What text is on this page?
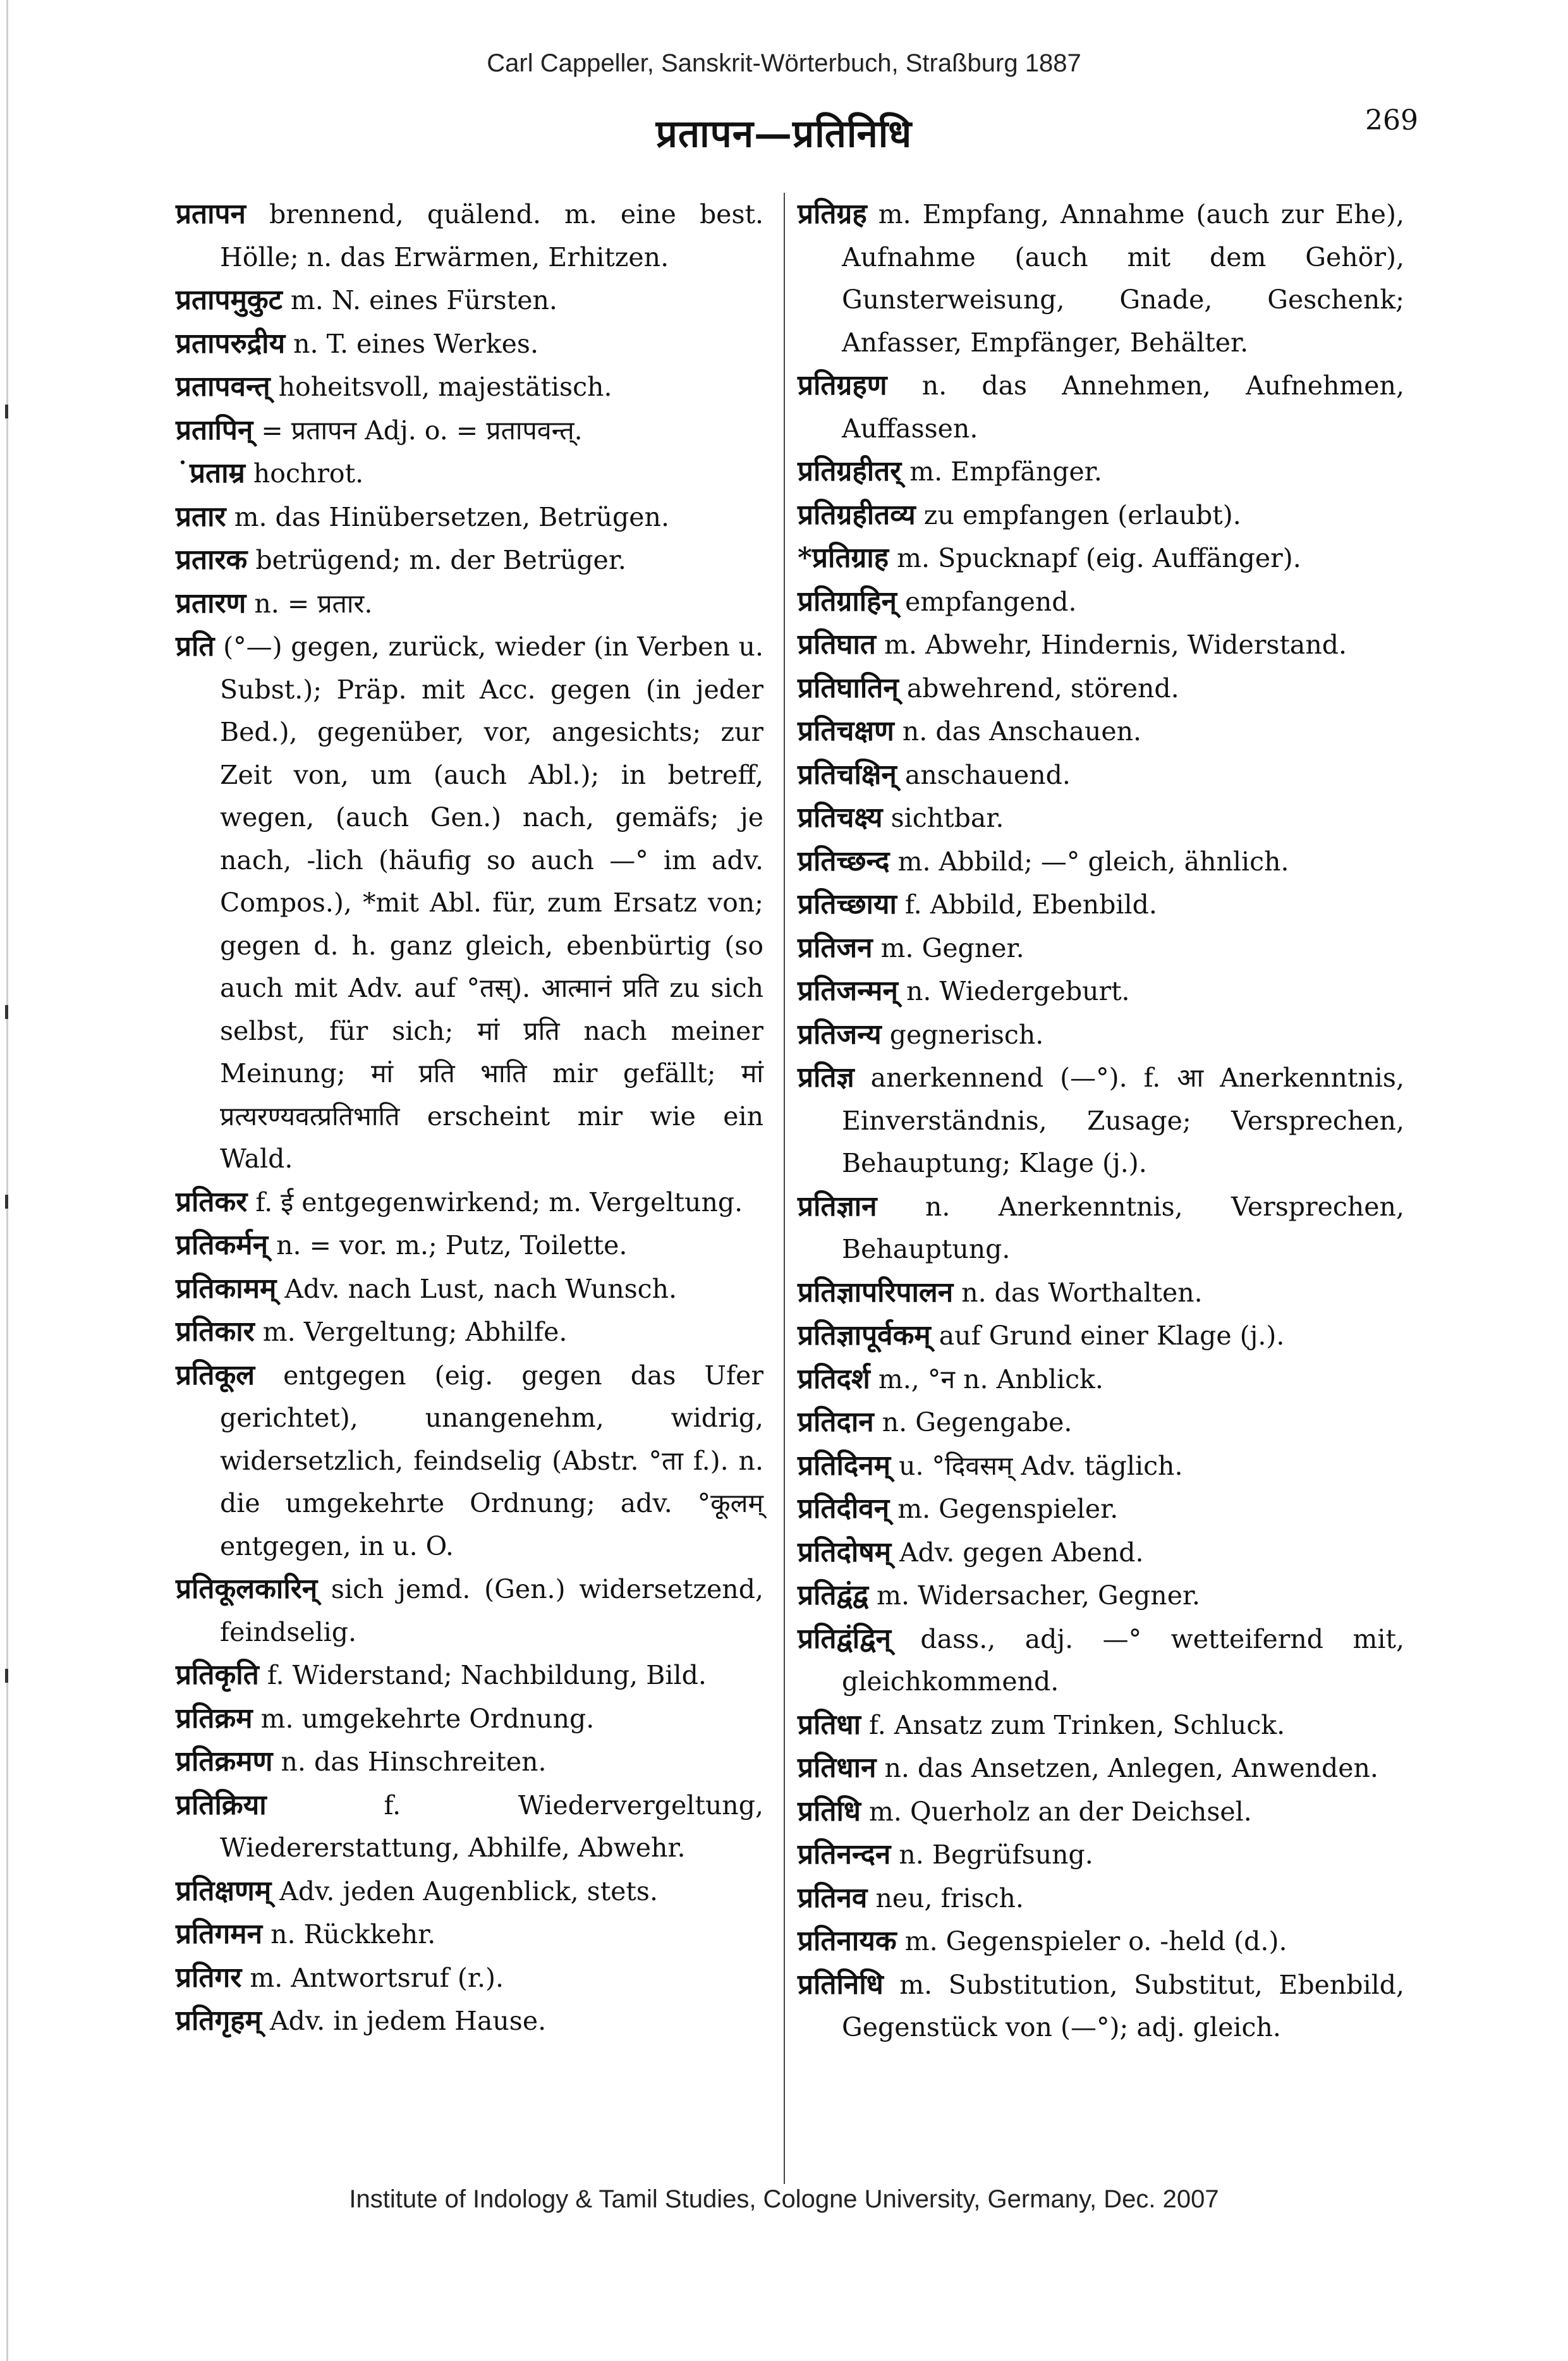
Carl Cappeller, Sanskrit-Wörterbuch, Straßburg 1887
प्रतापन—प्रतिनिधि	269

प्रतापन brennend, quälend. m. eine best. Hölle; n. das Erwärmen, Erhitzen.

प्रतापमुकुट m. N. eines Fürsten.

प्रतापरुद्रीय n. T. eines Werkes.

प्रतापवन्त् hoheitsvoll, majestätisch.

प्रतापिन् = प्रतापन Adj. o. = प्रतापवन्त्.

˙प्रताम्र hochrot.

प्रतार m. das Hinübersetzen, Betrügen.

प्रतारक betrügend; m. der Betrüger.

प्रतारण n. = प्रतार.

प्रति (°—) gegen, zurück, wieder (in Verben u. Subst.); Präp. mit Acc. gegen (in jeder Bed.), gegenüber, vor, angesichts; zur Zeit von, um (auch Abl.); in betreff, wegen, (auch Gen.) nach, gemäfs; je nach, -lich (häufig so auch —° im adv. Compos.), *mit Abl. für, zum Ersatz von; gegen d. h. ganz gleich, ebenbürtig (so auch mit Adv. auf °तस्). आत्मानं प्रति zu sich selbst, für sich; मां प्रति nach meiner Meinung; मां प्रति भाति mir gefällt; मां प्रत्यरण्यवत्प्रतिभाति erscheint mir wie ein Wald.

प्रतिकर f. ई entgegenwirkend; m. Vergeltung.

प्रतिकर्मन् n. = vor. m.; Putz, Toilette.

प्रतिकामम् Adv. nach Lust, nach Wunsch.

प्रतिकार m. Vergeltung; Abhilfe.

प्रतिकूल entgegen (eig. gegen das Ufer gerichtet), unangenehm, widrig, widersetzlich, feindselig (Abstr. °ता f.). n. die umgekehrte Ordnung; adv. °कूलम् entgegen, in u. O.

प्रतिकूलकारिन् sich jemd. (Gen.) widersetzend, feindselig.

प्रतिकृति f. Widerstand; Nachbildung, Bild.

प्रतिक्रम m. umgekehrte Ordnung.

प्रतिक्रमण n. das Hinschreiten.

प्रतिक्रिया	f. Wiedervergeltung, Wiedererstattung, Abhilfe, Abwehr.

प्रतिक्षणम् Adv. jeden Augenblick, stets.

प्रतिगमन n. Rückkehr.

प्रतिगर m. Antwortsruf (r.).

प्रतिगृहम् Adv. in jedem Hause.

प्रतिग्रह m. Empfang, Annahme (auch zur Ehe), Aufnahme (auch mit dem Gehör), Gunsterweisung, Gnade, Geschenk; Anfasser, Empfänger, Behälter.

प्रतिग्रहण n. das Annehmen, Aufnehmen, Auffassen.

प्रतिग्रहीतर् m. Empfänger.

प्रतिग्रहीतव्य zu empfangen (erlaubt).

*प्रतिग्राह m. Spucknapf (eig. Auffänger).

प्रतिग्राहिन् empfangend.

प्रतिघात m. Abwehr, Hindernis, Widerstand.

प्रतिघातिन् abwehrend, störend.

प्रतिचक्षण n. das Anschauen.

प्रतिचक्षिन् anschauend.

प्रतिचक्ष्य sichtbar.

प्रतिच्छन्द m. Abbild; —° gleich, ähnlich.

प्रतिच्छाया f. Abbild, Ebenbild.

प्रतिजन m. Gegner.

प्रतिजन्मन् n. Wiedergeburt.

प्रतिजन्य gegnerisch.

प्रतिज्ञ anerkennend (—°). f. आ Anerkenntnis, Einverständnis, Zusage; Versprechen, Behauptung; Klage (j.).

प्रतिज्ञान n. Anerkenntnis, Versprechen, Behauptung.

प्रतिज्ञापरिपालन n. das Worthalten.

प्रतिज्ञापूर्वकम् auf Grund einer Klage (j.).

प्रतिदर्श m., °न n. Anblick.

प्रतिदान n. Gegengabe.

प्रतिदिनम् u. °दिवसम् Adv. täglich.

प्रतिदीवन् m. Gegenspieler.

प्रतिदोषम् Adv. gegen Abend.

प्रतिद्वंद्व m. Widersacher, Gegner.

प्रतिद्वंद्विन् dass., adj. —° wetteifernd mit, gleichkommend.

प्रतिधा f. Ansatz zum Trinken, Schluck.

प्रतिधान n. das Ansetzen, Anlegen, Anwenden.

प्रतिधि m. Querholz an der Deichsel.

प्रतिनन्दन n. Begrüfsung.

प्रतिनव neu, frisch.

प्रतिनायक m. Gegenspieler o. -held (d.).

प्रतिनिधि m. Substitution, Substitut, Ebenbild, Gegenstück von (—°); adj. gleich.

Institute of Indology & Tamil Studies, Cologne University, Germany, Dec. 2007
